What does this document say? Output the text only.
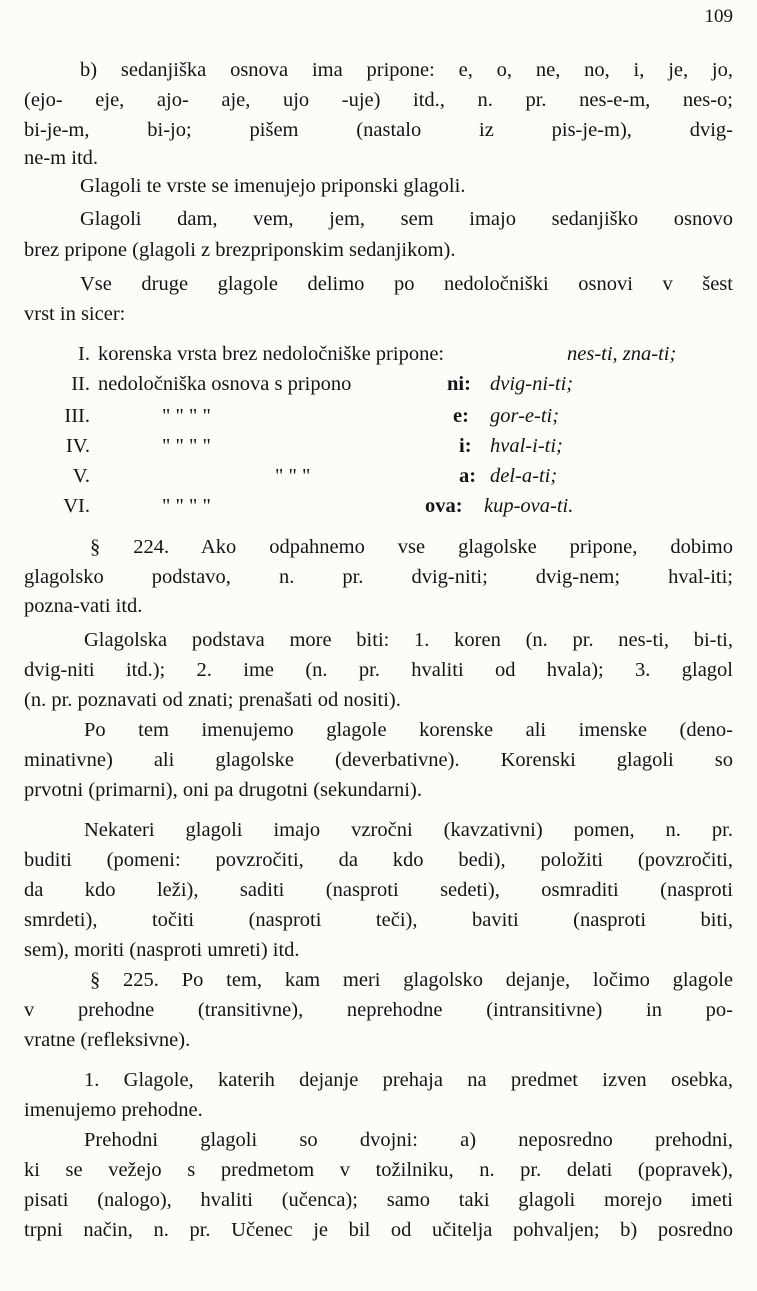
109
b) sedanjiška osnova ima pripone: e, o, ne, no, i, je, jo,
(ejo- eje, ajo- aje, ujo -uje) itd., n. pr. nes-e-m, nes-o;
bi-je-m, bi-jo; pišem (nastalo iz pis-je-m), dvig-
ne-m itd.
Glagoli te vrste se imenujejo priponski glagoli.
Glagoli dam, vem, jem, sem imajo sedanjiško osnovo
brez pripone (glagoli z brezpriponskim sedanjikom).
Vse druge glagole delimo po nedoločniški osnovi v šest
vrst in sicer:
I. korenska vrsta brez nedoločniške pripone:	nes-ti, zna-ti;
II. nedoločniška osnova s pripono	ni: dvig-ni-ti;
III.	" " " "	e: gor-e-ti;
IV.	" " " "	i: hval-i-ti;
V.	" " "	a: del-a-ti;
VI.	" " " "	ova: kup-ova-ti.
§ 224. Ako odpahnemo vse glagolske pripone, dobimo
glagolsko podstavo, n. pr. dvig-niti; dvig-nem; hval-iti;
pozna-vati itd.
Glagolska podstava more biti: 1. koren (n. pr. nes-ti, bi-ti,
dvig-niti itd.); 2. ime (n. pr. hvaliti od hvala); 3. glagol
(n. pr. poznavati od znati; prenašati od nositi).
Po tem imenujemo glagole korenske ali imenske (deno-
minativne) ali glagolske (deverbativne). Korenski glagoli so
prvotni (primarni), oni pa drugotni (sekundarni).
Nekateri glagoli imajo vzročni (kavzativni) pomen, n. pr.
buditi (pomeni: povzročiti, da kdo bedi), položiti (povzročiti,
da kdo leži), saditi (nasproti sedeti), osmraditi (nasproti
smrdeti), točiti (nasproti teči), baviti (nasproti biti,
sem), moriti (nasproti umreti) itd.
§ 225. Po tem, kam meri glagolsko dejanje, ločimo glagole
v prehodne (transitivne), neprehodne (intransitivne) in po-
vratne (refleksivne).
1. Glagole, katerih dejanje prehaja na predmet izven osebka,
imenujemo prehodne.
Prehodni glagoli so dvojni: a) neposredno prehodni,
ki se vežejo s predmetom v tožilniku, n. pr. delati (popravek),
pisati (nalogo), hvaliti (učenca); samo taki glagoli morejo imeti
trpni način, n. pr. Učenec je bil od učitelja pohvaljen; b) posredno
